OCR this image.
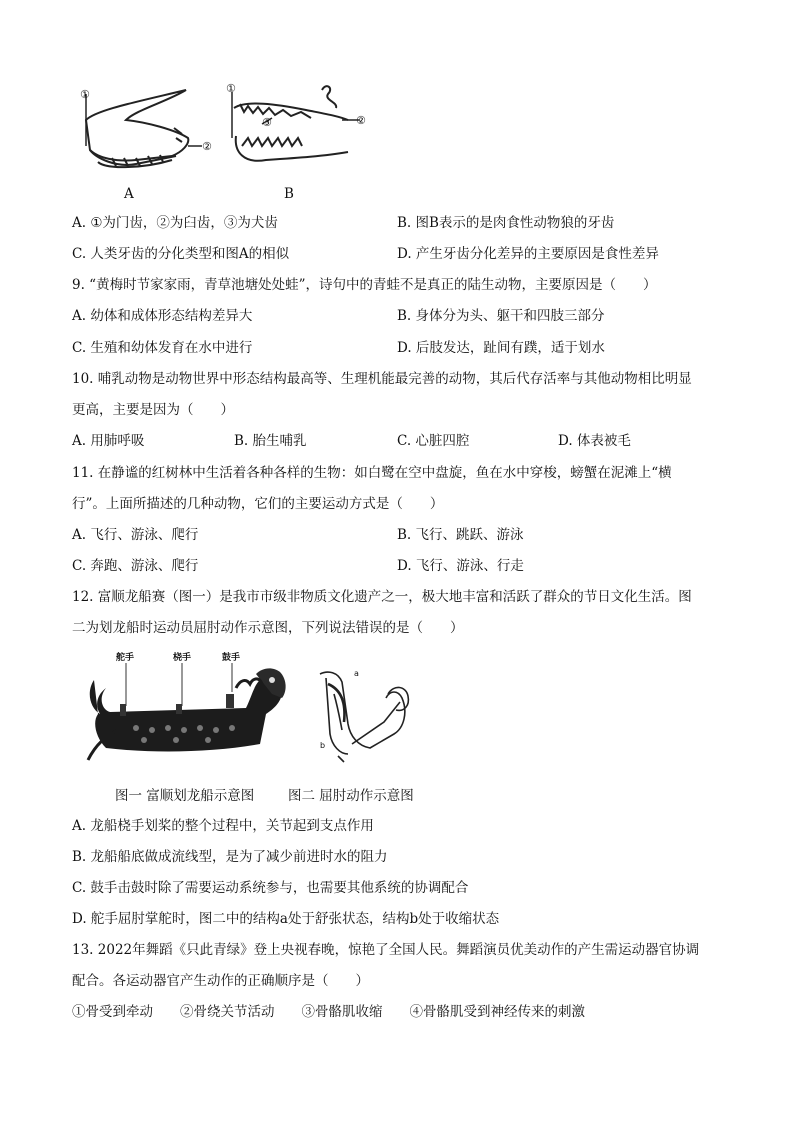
①
②
①
③	②
A	B
A. ①为门齿，②为臼齿，③为犬齿	B. 图B表示的是肉食性动物狼的牙齿
C. 人类牙齿的分化类型和图A的相似	D. 产生牙齿分化差异的主要原因是食性差异
9. “黄梅时节家家雨，青草池塘处处蛙”，诗句中的青蛙不是真正的陆生动物，主要原因是（　　）
A. 幼体和成体形态结构差异大	B. 身体分为头、躯干和四肢三部分
C. 生殖和幼体发育在水中进行	D. 后肢发达，趾间有蹼，适于划水
10. 哺乳动物是动物世界中形态结构最高等、生理机能最完善的动物，其后代存活率与其他动物相比明显
更高，主要是因为（　　）
A. 用肺呼吸	B. 胎生哺乳	C. 心脏四腔	D. 体表被毛
11. 在静谧的红树林中生活着各种各样的生物：如白鹭在空中盘旋，鱼在水中穿梭，螃蟹在泥滩上“横
行”。上面所描述的几种动物，它们的主要运动方式是（　　）
A. 飞行、游泳、爬行	B. 飞行、跳跃、游泳
C. 奔跑、游泳、爬行	D. 飞行、游泳、行走
12. 富顺龙船赛（图一）是我市市级非物质文化遗产之一，极大地丰富和活跃了群众的节日文化生活。图
二为划龙船时运动员屈肘动作示意图，下列说法错误的是（　　）
舵手	桡手	鼓手
a
b
图一 富顺划龙船示意图 图二 屈肘动作示意图
A. 龙船桡手划桨的整个过程中，关节起到支点作用
B. 龙船船底做成流线型，是为了减少前进时水的阻力
C. 鼓手击鼓时除了需要运动系统参与，也需要其他系统的协调配合
D. 舵手屈肘掌舵时，图二中的结构a处于舒张状态，结构b处于收缩状态
13. 2022年舞蹈《只此青绿》登上央视春晚，惊艳了全国人民。舞蹈演员优美动作的产生需运动器官协调
配合。各运动器官产生动作的正确顺序是（　　）
①骨受到牵动　　②骨绕关节活动　　③骨骼肌收缩　　④骨骼肌受到神经传来的刺激
